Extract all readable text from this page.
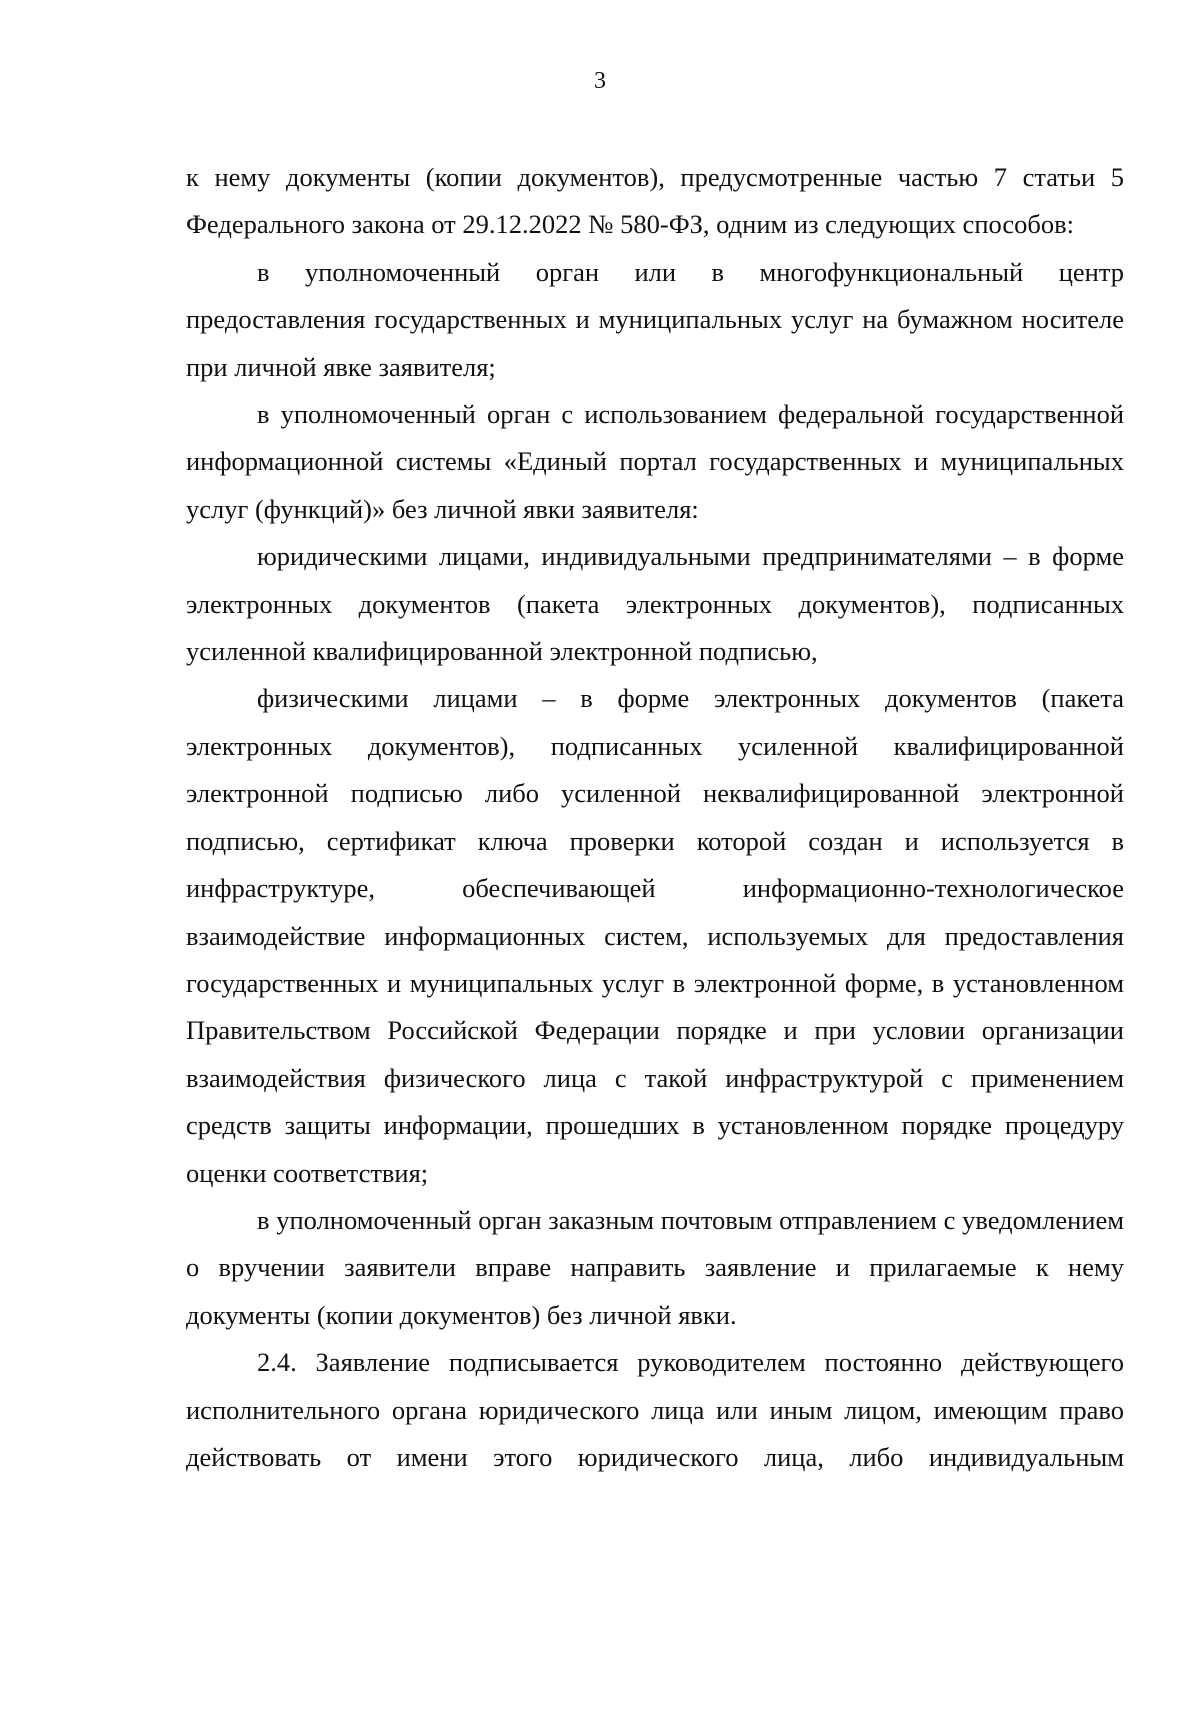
3

к нему документы (копии документов), предусмотренные частью 7 статьи 5 Федерального закона от 29.12.2022 № 580-ФЗ, одним из следующих способов:

в уполномоченный орган или в многофункциональный центр предоставления государственных и муниципальных услуг на бумажном носителе при личной явке заявителя;

в уполномоченный орган с использованием федеральной государственной информационной системы «Единый портал государственных и муниципальных услуг (функций)» без личной явки заявителя:

юридическими лицами, индивидуальными предпринимателями – в форме электронных документов (пакета электронных документов), подписанных усиленной квалифицированной электронной подписью,

физическими лицами – в форме электронных документов (пакета электронных документов), подписанных усиленной квалифицированной электронной подписью либо усиленной неквалифицированной электронной подписью, сертификат ключа проверки которой создан и используется в инфраструктуре, обеспечивающей информационно-технологическое взаимодействие информационных систем, используемых для предоставления государственных и муниципальных услуг в электронной форме, в установленном Правительством Российской Федерации порядке и при условии организации взаимодействия физического лица с такой инфраструктурой с применением средств защиты информации, прошедших в установленном порядке процедуру оценки соответствия;

в уполномоченный орган заказным почтовым отправлением с уведомлением о вручении заявители вправе направить заявление и прилагаемые к нему документы (копии документов) без личной явки.

2.4. Заявление подписывается руководителем постоянно действующего исполнительного органа юридического лица или иным лицом, имеющим право действовать от имени этого юридического лица, либо индивидуальным
